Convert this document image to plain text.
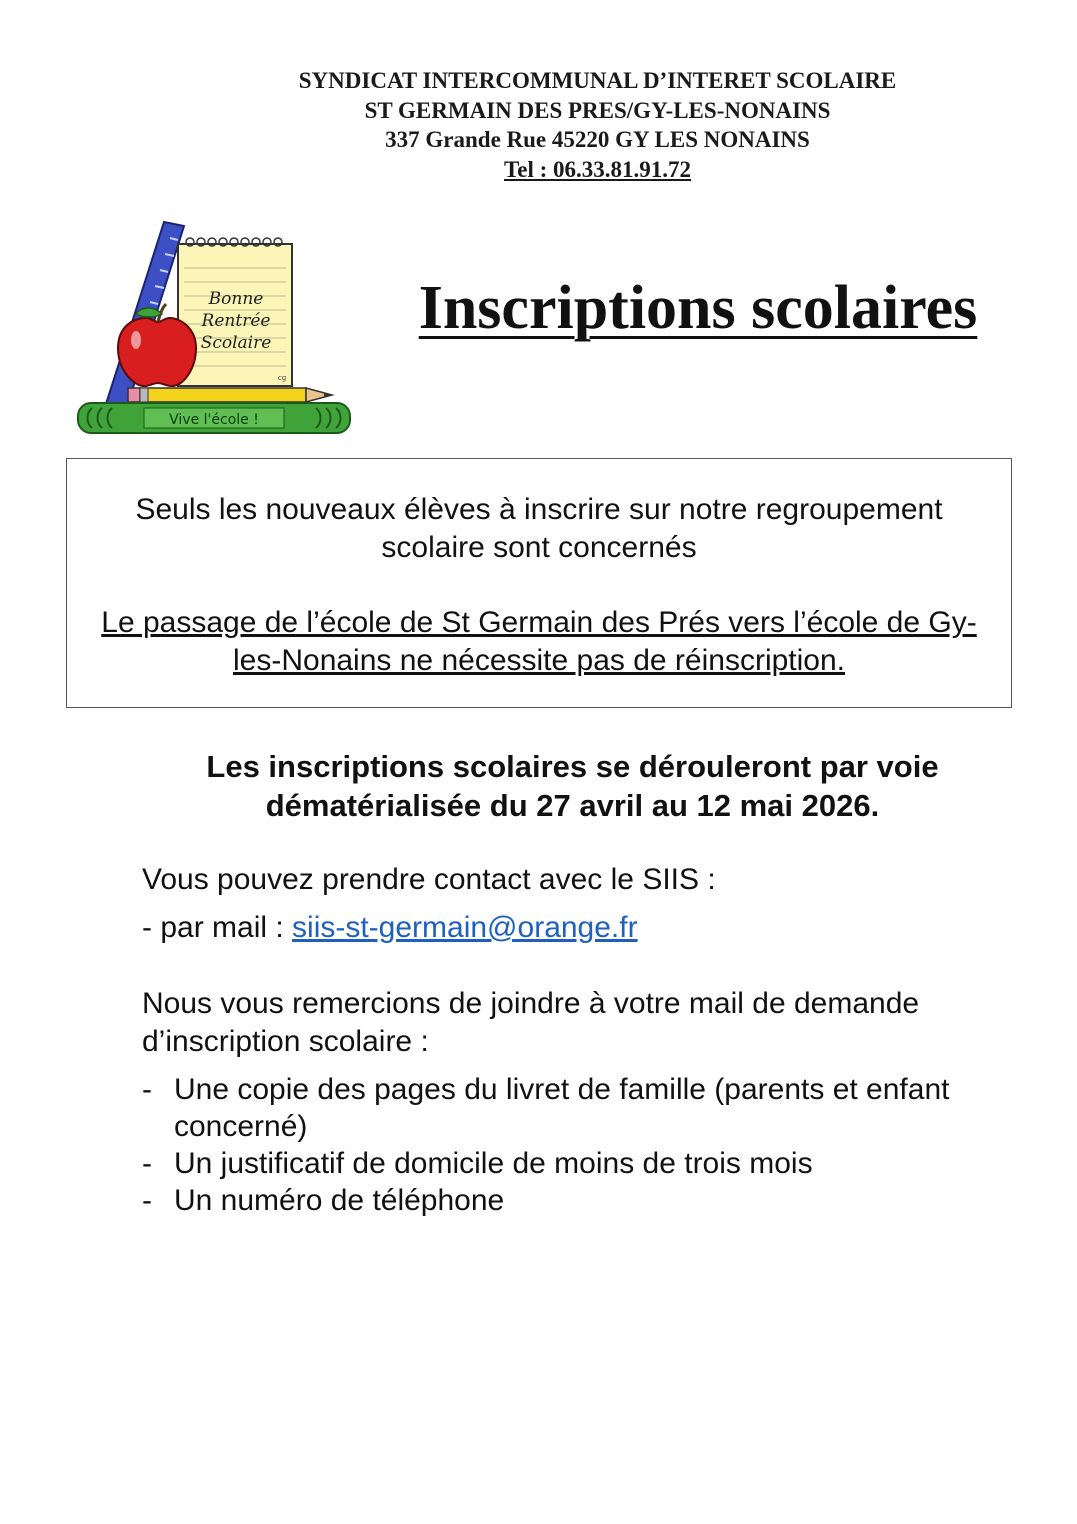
SYNDICAT INTERCOMMUNAL D’INTERET SCOLAIRE
ST GERMAIN DES PRES/GY-LES-NONAINS
337 Grande Rue 45220 GY LES NONAINS
Tel : 06.33.81.91.72
Bonne
Rentrée
Scolaire
cg
Vive l'école !
Inscriptions scolaires

Seuls les nouveaux élèves à inscrire sur notre regroupement scolaire sont concernés

Le passage de l’école de St Germain des Prés vers l’école de Gy-les-Nonains ne nécessite pas de réinscription.

Les inscriptions scolaires se dérouleront par voie dématérialisée du 27 avril au 12 mai 2026.
Vous pouvez prendre contact avec le SIIS :
- par mail : siis-st-germain@orange.fr
Nous vous remercions de joindre à votre mail de demande d’inscription scolaire :
- Une copie des pages du livret de famille (parents et enfant concerné)
- Un justificatif de domicile de moins de trois mois
- Un numéro de téléphone
